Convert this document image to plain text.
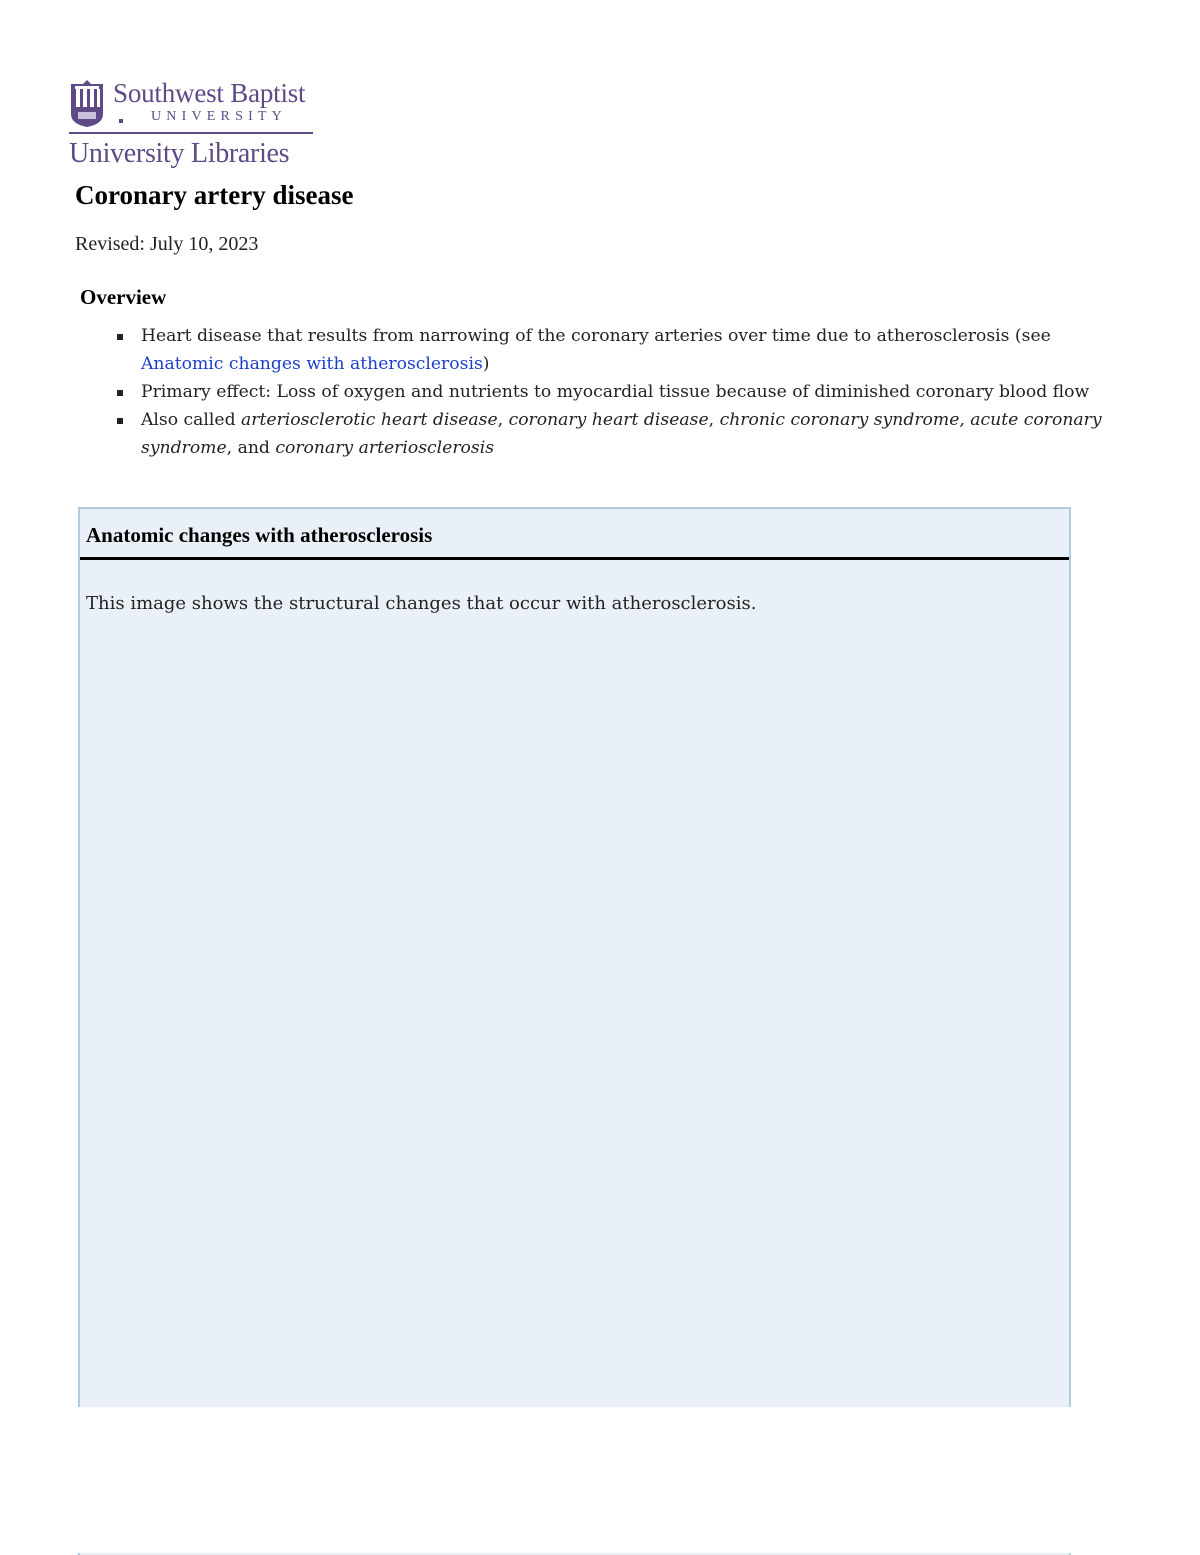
Southwest Baptist
UNIVERSITY
University Libraries
Coronary artery disease
Revised: July 10, 2023
Overview
Heart disease that results from narrowing of the coronary arteries over time due to atherosclerosis (see Anatomic changes with atherosclerosis)
Primary effect: Loss of oxygen and nutrients to myocardial tissue because of diminished coronary blood flow
Also called arteriosclerotic heart disease, coronary heart disease, chronic coronary syndrome, acute coronary syndrome, and coronary arteriosclerosis
Anatomic changes with atherosclerosis

This image shows the structural changes that occur with atherosclerosis.
